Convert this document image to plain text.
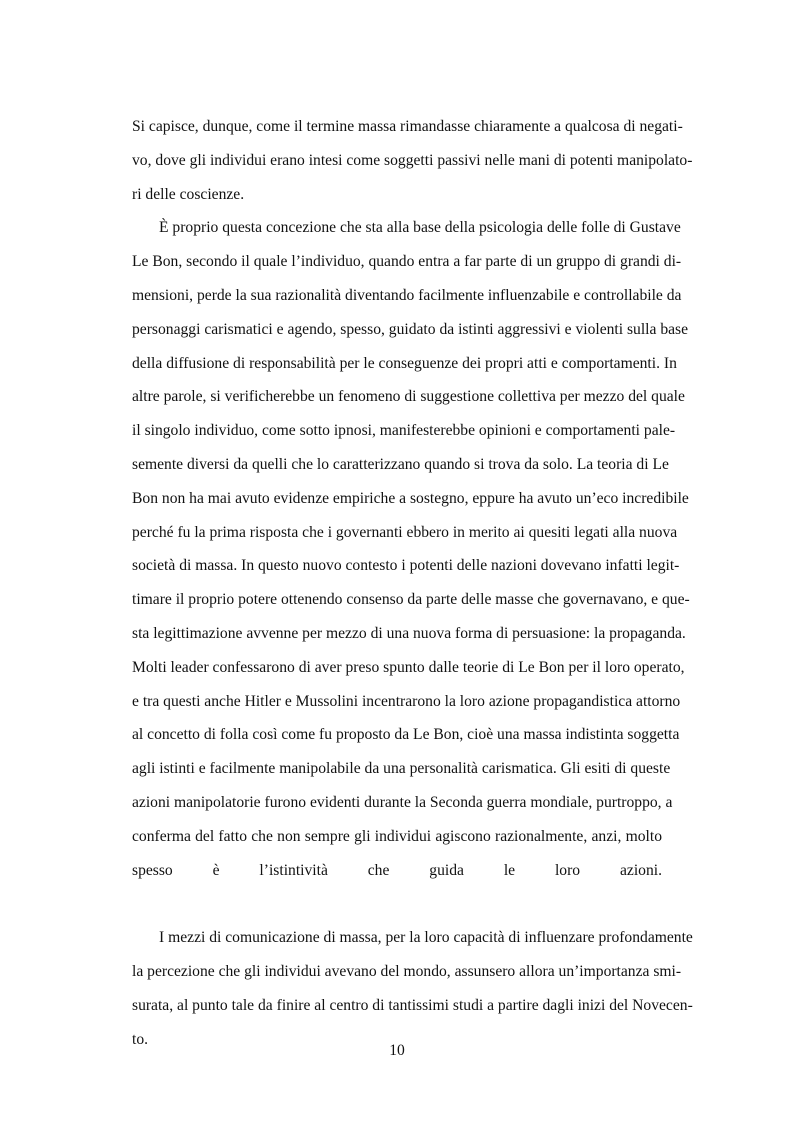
Si capisce, dunque, come il termine massa rimandasse chiaramente a qualcosa di negati-
vo, dove gli individui erano intesi come soggetti passivi nelle mani di potenti manipolato-
ri delle coscienze.
È proprio questa concezione che sta alla base della psicologia delle folle di Gustave
Le Bon, secondo il quale l’individuo, quando entra a far parte di un gruppo di grandi di-
mensioni, perde la sua razionalità diventando facilmente influenzabile e controllabile da
personaggi carismatici e agendo, spesso, guidato da istinti aggressivi e violenti sulla base
della diffusione di responsabilità per le conseguenze dei propri atti e comportamenti. In
altre parole, si verificherebbe un fenomeno di suggestione collettiva per mezzo del quale
il singolo individuo, come sotto ipnosi, manifesterebbe opinioni e comportamenti pale-
semente diversi da quelli che lo caratterizzano quando si trova da solo. La teoria di Le
Bon non ha mai avuto evidenze empiriche a sostegno, eppure ha avuto un’eco incredibile
perché fu la prima risposta che i governanti ebbero in merito ai quesiti legati alla nuova
società di massa. In questo nuovo contesto i potenti delle nazioni dovevano infatti legit-
timare il proprio potere ottenendo consenso da parte delle masse che governavano, e que-
sta legittimazione avvenne per mezzo di una nuova forma di persuasione: la propaganda.
Molti leader confessarono di aver preso spunto dalle teorie di Le Bon per il loro operato,
e tra questi anche Hitler e Mussolini incentrarono la loro azione propagandistica attorno
al concetto di folla così come fu proposto da Le Bon, cioè una massa indistinta soggetta
agli istinti e facilmente manipolabile da una personalità carismatica. Gli esiti di queste
azioni manipolatorie furono evidenti durante la Seconda guerra mondiale, purtroppo, a
conferma del fatto che non sempre gli individui agiscono razionalmente, anzi, molto
spesso è l’istintività che guida le loro azioni.
I mezzi di comunicazione di massa, per la loro capacità di influenzare profondamente
la percezione che gli individui avevano del mondo, assunsero allora un’importanza smi-
surata, al punto tale da finire al centro di tantissimi studi a partire dagli inizi del Novecen-
to.
10
